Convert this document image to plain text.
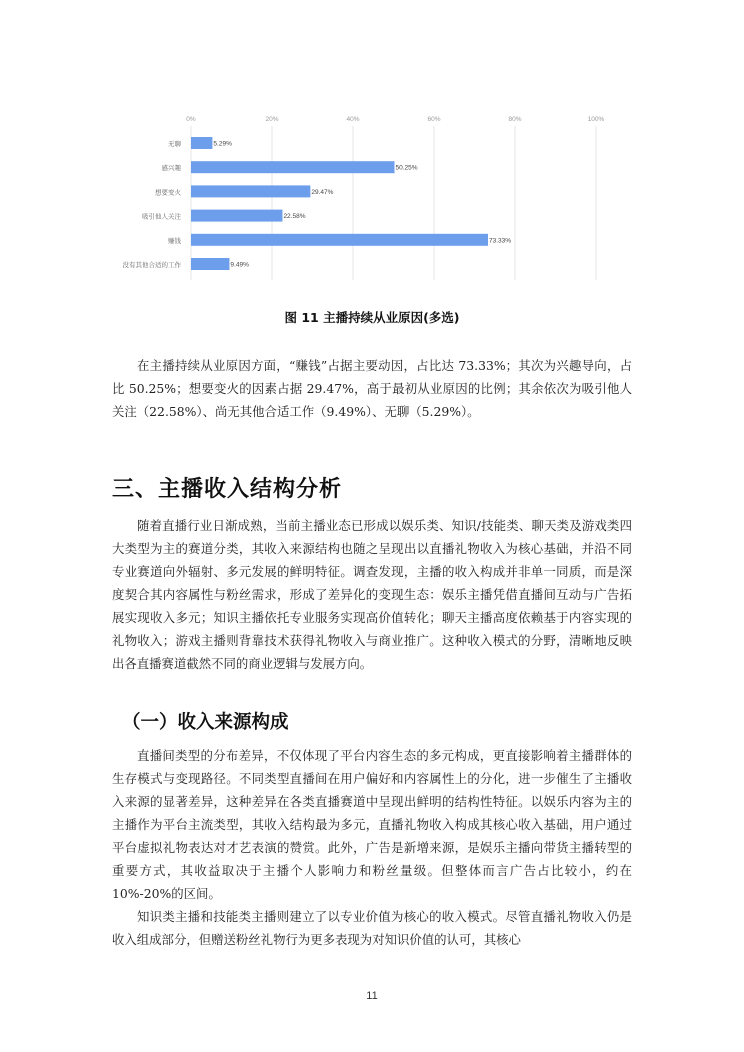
0%	20%	40%	60%	80%	100%
无聊
感兴趣
想要变火
吸引他人关注
赚钱
没有其他合适的工作
5.29%
50.25%
29.47%
22.58%
73.33%
9.49%
图 11 主播持续从业原因(多选)

在主播持续从业原因方面，“赚钱”占据主要动因，占比达 73.33%；其次为兴趣导向，占比 50.25%；想要变火的因素占据 29.47%，高于最初从业原因的比例；其余依次为吸引他人关注（22.58%）、尚无其他合适工作（9.49%）、无聊（5.29%）。

三、主播收入结构分析

随着直播行业日渐成熟，当前主播业态已形成以娱乐类、知识/技能类、聊天类及游戏类四大类型为主的赛道分类，其收入来源结构也随之呈现出以直播礼物收入为核心基础，并沿不同专业赛道向外辐射、多元发展的鲜明特征。调查发现，主播的收入构成并非单一同质，而是深度契合其内容属性与粉丝需求，形成了差异化的变现生态：娱乐主播凭借直播间互动与广告拓展实现收入多元；知识主播依托专业服务实现高价值转化；聊天主播高度依赖基于内容实现的礼物收入；游戏主播则背靠技术获得礼物收入与商业推广。这种收入模式的分野，清晰地反映出各直播赛道截然不同的商业逻辑与发展方向。

（一）收入来源构成

直播间类型的分布差异，不仅体现了平台内容生态的多元构成，更直接影响着主播群体的生存模式与变现路径。不同类型直播间在用户偏好和内容属性上的分化，进一步催生了主播收入来源的显著差异，这种差异在各类直播赛道中呈现出鲜明的结构性特征。以娱乐内容为主的主播作为平台主流类型，其收入结构最为多元，直播礼物收入构成其核心收入基础，用户通过平台虚拟礼物表达对才艺表演的赞赏。此外，广告是新增来源，是娱乐主播向带货主播转型的重要方式，其收益取决于主播个人影响力和粉丝量级。但整体而言广告占比较小，约在 10%-20%的区间。

知识类主播和技能类主播则建立了以专业价值为核心的收入模式。尽管直播礼物收入仍是收入组成部分，但赠送粉丝礼物行为更多表现为对知识价值的认可，其核心

11
